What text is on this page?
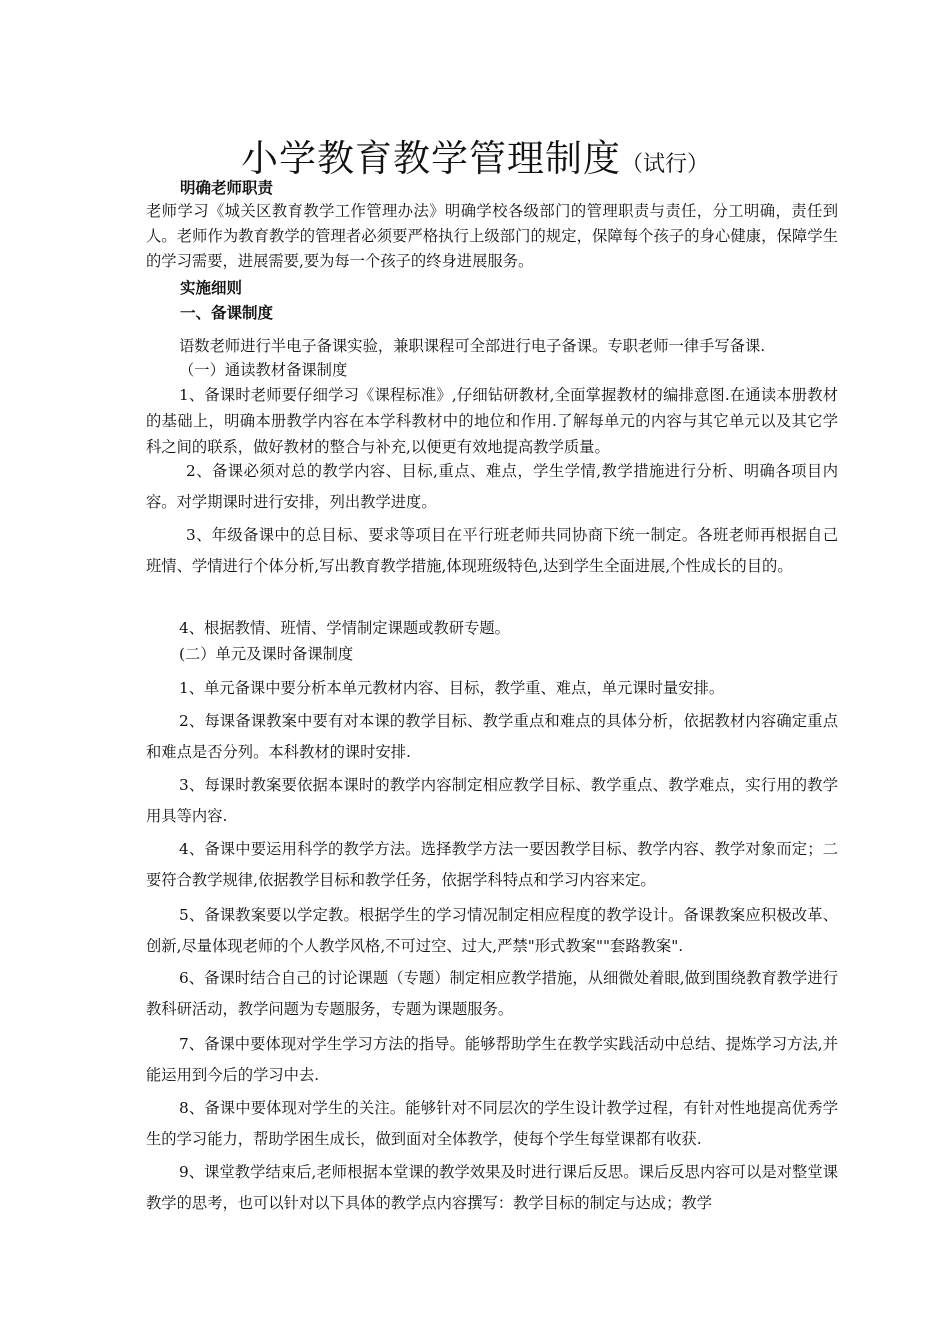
小学教育教学管理制度（试行）

明确老师职责

老师学习《城关区教育教学工作管理办法》明确学校各级部门的管理职责与责任，分工明确，责任到人。老师作为教育教学的管理者必须要严格执行上级部门的规定，保障每个孩子的身心健康，保障学生的学习需要，进展需要,要为每一个孩子的终身进展服务。

实施细则

一、备课制度

语数老师进行半电子备课实验，兼职课程可全部进行电子备课。专职老师一律手写备课.

（一）通读教材备课制度

1、备课时老师要仔细学习《课程标准》,仔细钻研教材,全面掌握教材的编排意图.在通读本册教材的基础上，明确本册教学内容在本学科教材中的地位和作用.了解每单元的内容与其它单元以及其它学科之间的联系，做好教材的整合与补充,以便更有效地提高教学质量。

2、备课必须对总的教学内容、目标,重点、难点，学生学情,教学措施进行分析、明确各项目内容。对学期课时进行安排，列出教学进度。

3、年级备课中的总目标、要求等项目在平行班老师共同协商下统一制定。各班老师再根据自己班情、学情进行个体分析,写出教育教学措施,体现班级特色,达到学生全面进展,个性成长的目的。

4、根据教情、班情、学情制定课题或教研专题。

(二）单元及课时备课制度

1、单元备课中要分析本单元教材内容、目标，教学重、难点，单元课时量安排。

2、每课备课教案中要有对本课的教学目标、教学重点和难点的具体分析，依据教材内容确定重点和难点是否分列。本科教材的课时安排.

3、每课时教案要依据本课时的教学内容制定相应教学目标、教学重点、教学难点，实行用的教学用具等内容.

4、备课中要运用科学的教学方法。选择教学方法一要因教学目标、教学内容、教学对象而定；二要符合教学规律,依据教学目标和教学任务，依据学科特点和学习内容来定。

5、备课教案要以学定教。根据学生的学习情况制定相应程度的教学设计。备课教案应积极改革、创新,尽量体现老师的个人教学风格,不可过空、过大,严禁"形式教案""套路教案".

6、备课时结合自己的讨论课题（专题）制定相应教学措施，从细微处着眼,做到围绕教育教学进行教科研活动，教学问题为专题服务，专题为课题服务。

7、备课中要体现对学生学习方法的指导。能够帮助学生在教学实践活动中总结、提炼学习方法,并能运用到今后的学习中去.

8、备课中要体现对学生的关注。能够针对不同层次的学生设计教学过程，有针对性地提高优秀学生的学习能力，帮助学困生成长，做到面对全体教学，使每个学生每堂课都有收获.

9、课堂教学结束后,老师根据本堂课的教学效果及时进行课后反思。课后反思内容可以是对整堂课教学的思考，也可以针对以下具体的教学点内容撰写：教学目标的制定与达成；教学
